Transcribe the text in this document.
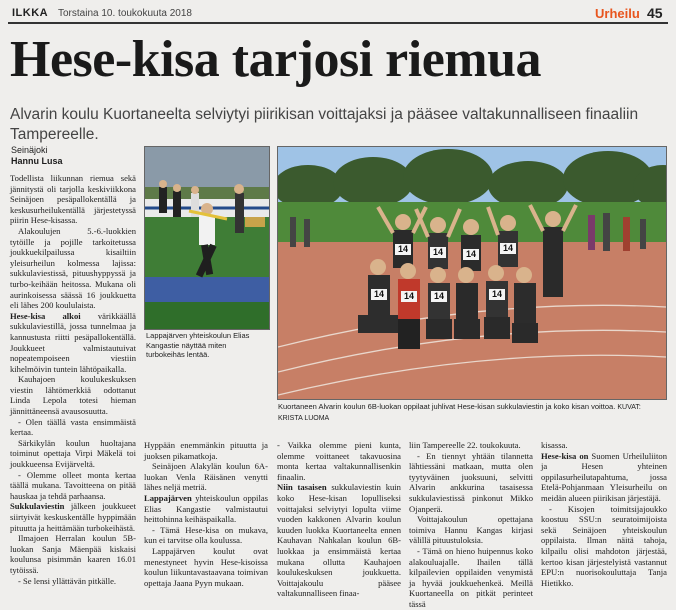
ILKKA Torstaina 10. toukokuuta 2018	Urheilu 45
Hese-kisa tarjosi riemua
Alvarin koulu Kuortaneelta selviytyi piirikisan voittajaksi ja pääsee valtakunnalliseen finaaliin Tampereelle.
Seinäjoki
Hannu Lusa

Todellista liikunnan riemua sekä jännitystä oli tarjolla keskiviikkona Seinäjoen pesäpallokentällä ja keskusurheilukentällä järjestetyssä piirin Hese-kisassa.

Alakoulujen 5.-6.-luokkien tytöille ja pojille tarkoitetussa joukkuekilpailussa kisailtiin yleisurheilun kolmessa lajissa: sukkulaviestissä, pituushyppyssä ja turbo-keihään heitossa. Mukana oli aurinkoisessa säässä 16 joukkuetta eli lähes 200 koululaista.

Hese-kisa alkoi värikkäällä sukkulaviestillä, jossa tunnelmaa ja kannustusta riitti pesäpallokentällä. Joukkueet valmistautuivat nopeatempoiseen viestiin kihelmöivin tuntein lähtöpaikalla.

Kauhajoen koulukeskuksen viestin lähtömerkkiä odottanut Linda Lepola totesi hieman jännittäneensä avausosuutta.

- Olen täällä vasta ensimmäistä kertaa.

Särkikylän koulun huoltajana toiminut opettaja Virpi Mäkelä toi joukkueensa Evijärveltä.

- Olemme olleet monta kertaa täällä mukana. Tavoitteena on pitää hauskaa ja tehdä parhaansa.

Sukkulaviestin jälkeen joukkueet siirtyivät keskuskentälle hyppimään pituutta ja heittämään turbokeihästä.

Ilmajoen Herralan koulun 5B-luokan Sanja Mäenpää kiskaisi koulunsa pisimmän kaaren 16.01 tytöissä.

- Se lensi yllättävän pitkälle.

Lappajärven yhteiskoulun Elias Kangastie näyttää miten turbokeihäs lentää.
14	14	14
14
14 14 14	14
Kuortaneen Alvarin koulun 6B-luokan oppilaat juhlivat Hese-kisan sukkulaviestin ja koko kisan voittoa. KUVAT: KRISTA LUOMA

Hyppään enemmänkin pituutta ja juoksen pikamatkoja.

Seinäjoen Alakylän koulun 6A-luokan Venla Räisänen venytti lähes neljä metriä.

Lappajärven yhteiskoulun oppilas Elias Kangastie valmistautui heittohinna keihäspaikalla.

- Tämä Hese-kisa on mukava, kun ei tarvitse olla koulussa.

Lappajärven koulut ovat menestyneet hyvin Hese-kisoissa koulun liikuntavastaavana toimivan opettaja Jaana Pyyn mukaan.

- Vaikka olemme pieni kunta, olemme voittaneet takavuosina monta kertaa valtakunnallisenkin finaalin.

Niin tasaisen sukkulaviestin kuin koko Hese-kisan lopulliseksi voittajaksi selviytyi lopulta viime vuoden kakkonen Alvarin koulun kuuden luokka Kuortaneelta ennen Kauhavan Nahkalan koulun 6B-luokkaa ja ensimmäistä kertaa mukana ollutta Kauhajoen koulukeskuksen joukkuetta. Voittajakoulu pääsee valtakunnalliseen finaa-

liin Tampereelle 22. toukokuuta.

- En tiennyt yhtään tilannetta lähtiessäni matkaan, mutta olen tyytyväinen juoksuuni, selvitti Alvarin ankkurina tasaisessa sukkulaviestissä pinkonut Mikko Ojanperä.

Voittajakoulun opettajana toimiva Hannu Kangas kirjasi välillä pituustuloksia.

- Tämä on hieno huipennus koko alakouluajalle. Ihailen tällä kilpailevien oppilaiden venymistä ja hyvää joukkuehenkeä. Meillä Kuortaneella on pitkät perinteet tässä

kisassa.

Hese-kisa on Suomen Urheiluliiton ja Hesen yhteinen oppilasurheilutapahtuma, jossa Etelä-Pohjanmaan Yleisurheilu on meidän alueen piirikisan järjestäjä.

- Kisojen toimitsijajoukko koostuu SSU:n seuratoimijoista sekä Seinäjoen yhteiskoulun oppilaista. Ilman näitä tahoja, kilpailu olisi mahdoton järjestää, kertoo kisan järjestelyistä vastannut EPU:n nuorisokouluttaja Tanja Hietikko.
